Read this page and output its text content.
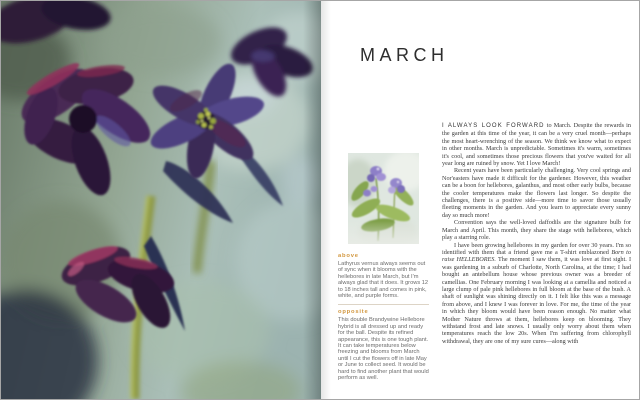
MARCH
above

Lathyrus vernus always seems out of sync when it blooms with the hellebores in late March, but I'm always glad that it does. It grows 12 to 18 inches tall and comes in pink, white, and purple forms.

opposite

This double Brandywine Hellebore hybrid is all dressed up and ready for the ball. Despite its refined appearance, this is one tough plant. It can take temperatures below freezing and blooms from March until I cut the flowers off in late May or June to collect seed. It would be hard to find another plant that would perform as well.

I ALWAYS LOOK FORWARD to March. Despite the rewards in the garden at this time of the year, it can be a very cruel month—perhaps the most heart-wrenching of the season. We think we know what to expect in other months. March is unpredictable. Sometimes it's warm, sometimes it's cool, and sometimes those precious flowers that you've waited for all year long are ruined by snow. Yet I love March!

Recent years have been particularly challenging. Very cool springs and Nor'easters have made it difficult for the gardener. However, this weather can be a boon for hellebores, galanthus, and most other early bulbs, because the cooler temperatures make the flowers last longer. So despite the challenges, there is a positive side—more time to savor those usually fleeting moments in the garden. And you learn to appreciate every sunny day so much more!

Convention says the well-loved daffodils are the signature bulb for March and April. This month, they share the stage with hellebores, which play a starring role.

I have been growing hellebores in my garden for over 30 years. I'm so identified with them that a friend gave me a T-shirt emblazoned Born to raise HELLEBORES. The moment I saw them, it was love at first sight. I was gardening in a suburb of Charlotte, North Carolina, at the time; I had bought an antebellum house whose previous owner was a breeder of camellias. One February morning I was looking at a camellia and noticed a large clump of pale pink hellebores in full bloom at the base of the bush. A shaft of sunlight was shining directly on it. I felt like this was a message from above, and I knew I was forever in love. For me, the time of the year in which they bloom would have been reason enough. No matter what Mother Nature throws at them, hellebores keep on blooming. They withstand frost and late snows. I usually only worry about them when temperatures reach the low 20s. When I'm suffering from chlorophyll withdrawal, they are one of my sure cures—along with
